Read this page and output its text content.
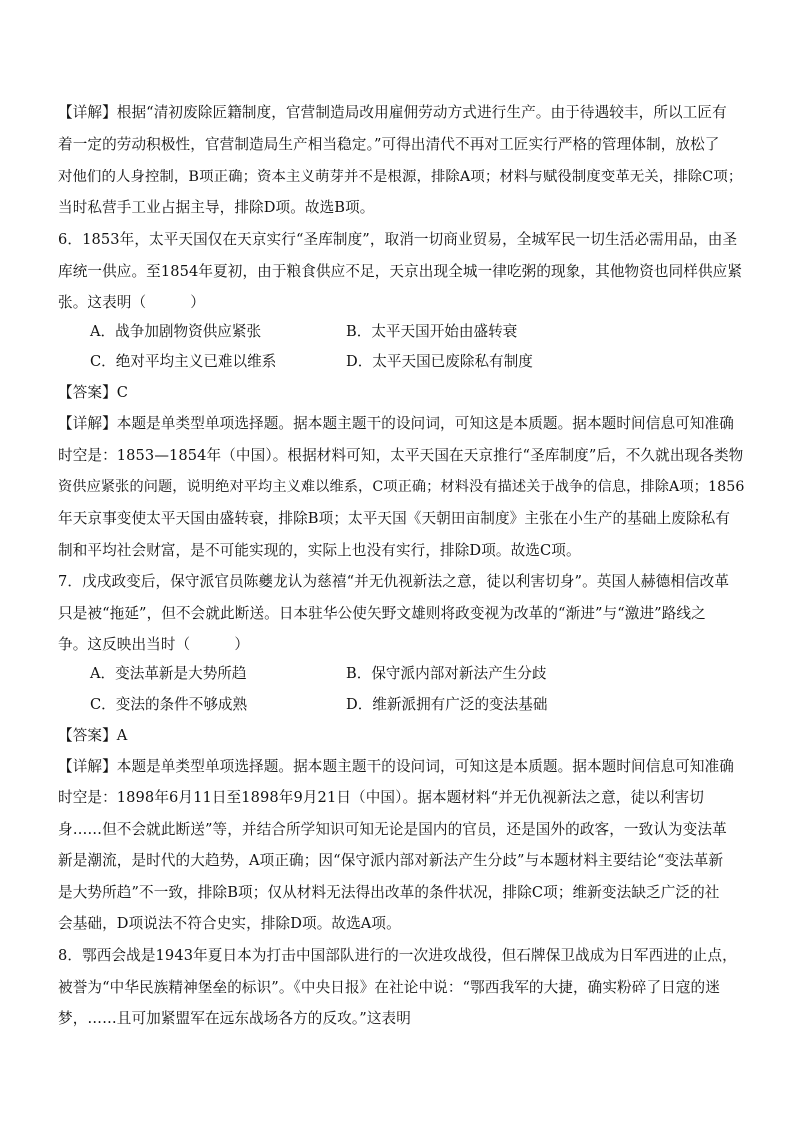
【详解】根据“清初废除匠籍制度，官营制造局改用雇佣劳动方式进行生产。由于待遇较丰，所以工匠有
着一定的劳动积极性，官营制造局生产相当稳定。”可得出清代不再对工匠实行严格的管理体制，放松了
对他们的人身控制，B项正确；资本主义萌芽并不是根源，排除A项；材料与赋役制度变革无关，排除C项；
当时私营手工业占据主导，排除D项。故选B项。
6．1853年，太平天国仅在天京实行“圣库制度”，取消一切商业贸易，全城军民一切生活必需用品，由圣
库统一供应。至1854年夏初，由于粮食供应不足，天京出现全城一律吃粥的现象，其他物资也同样供应紧
张。这表明（　　　）
A．战争加剧物资供应紧张	B．太平天国开始由盛转衰
C．绝对平均主义已难以维系	D．太平天国已废除私有制度
【答案】C
【详解】本题是单类型单项选择题。据本题主题干的设问词，可知这是本质题。据本题时间信息可知准确
时空是：1853—1854年（中国）。根据材料可知，太平天国在天京推行“圣库制度”后，不久就出现各类物
资供应紧张的问题，说明绝对平均主义难以维系，C项正确；材料没有描述关于战争的信息，排除A项；1856
年天京事变使太平天国由盛转衰，排除B项；太平天国《天朝田亩制度》主张在小生产的基础上废除私有
制和平均社会财富，是不可能实现的，实际上也没有实行，排除D项。故选C项。
7．戊戌政变后，保守派官员陈夔龙认为慈禧“并无仇视新法之意，徒以利害切身”。英国人赫德相信改革
只是被“拖延”，但不会就此断送。日本驻华公使矢野文雄则将政变视为改革的“渐进”与“激进”路线之
争。这反映出当时（　　　）
A．变法革新是大势所趋	B．保守派内部对新法产生分歧
C．变法的条件不够成熟	D．维新派拥有广泛的变法基础
【答案】A
【详解】本题是单类型单项选择题。据本题主题干的设问词，可知这是本质题。据本题时间信息可知准确
时空是：1898年6月11日至1898年9月21日（中国）。据本题材料“并无仇视新法之意，徒以利害切
身……但不会就此断送”等，并结合所学知识可知无论是国内的官员，还是国外的政客，一致认为变法革
新是潮流，是时代的大趋势，A项正确；因“保守派内部对新法产生分歧”与本题材料主要结论“变法革新
是大势所趋”不一致，排除B项；仅从材料无法得出改革的条件状况，排除C项；维新变法缺乏广泛的社
会基础，D项说法不符合史实，排除D项。故选A项。
8．鄂西会战是1943年夏日本为打击中国部队进行的一次进攻战役，但石牌保卫战成为日军西进的止点，
被誉为“中华民族精神堡垒的标识”。《中央日报》在社论中说：“鄂西我军的大捷，确实粉碎了日寇的迷
梦，……且可加紧盟军在远东战场各方的反攻。”这表明
